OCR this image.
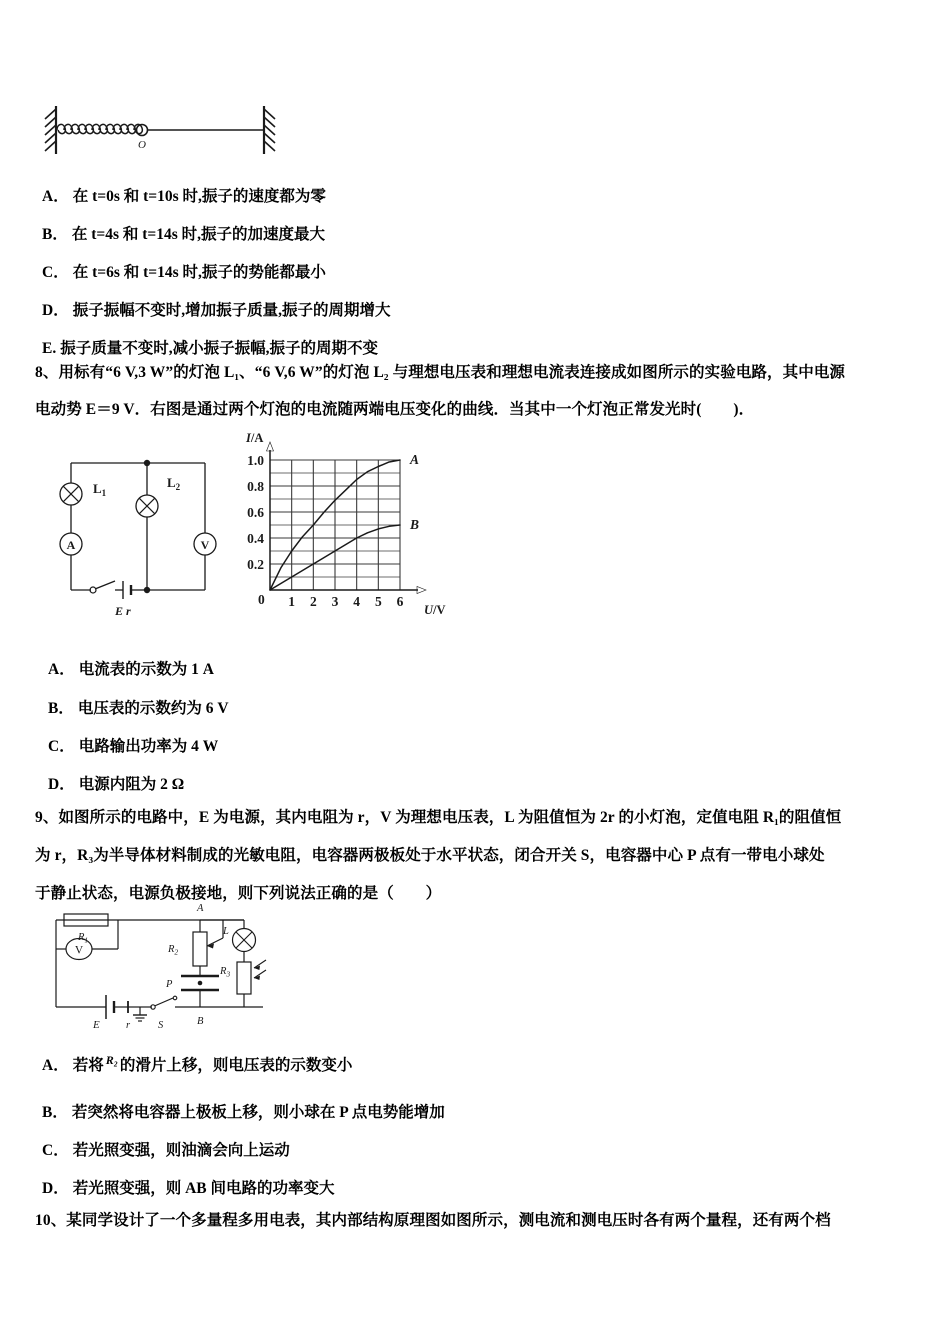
O
A． 在 t=0s 和 t=10s 时,振子的速度都为零
B． 在 t=4s 和 t=14s 时,振子的加速度最大
C． 在 t=6s 和 t=14s 时,振子的势能都最小
D． 振子振幅不变时,增加振子质量,振子的周期增大
E. 振子质量不变时,减小振子振幅,振子的周期不变
8、用标有“6 V,3 W”的灯泡 L₁、“6 V,6 W”的灯泡 L₂ 与理想电压表和理想电流表连接成如图所示的实验电路，其中电源
电动势 E＝9 V．右图是通过两个灯泡的电流随两端电压变化的曲线．当其中一个灯泡正常发光时(        )．
$L_1$
A
$L_2$
V
E r
I/A
U/V
0.2
0.4
0.6
0.8
1.0
1 2 3 4 5 6
A
B
0
A． 电流表的示数为 1 A
B． 电压表的示数约为 6 V
C． 电路输出功率为 4 W
D． 电源内阻为 2 Ω
9、如图所示的电路中，E 为电源，其内电阻为 r，V 为理想电压表，L 为阻值恒为 2r 的小灯泡，定值电阻 R₁的阻值恒
为 r，R₃为半导体材料制成的光敏电阻，电容器两极板处于水平状态，闭合开关 S，电容器中心 P 点有一带电小球处
于静止状态，电源负极接地，则下列说法正确的是（        ）
$R_1$
V
E	r	S
A
B
$R_2$
P
L
$R_3$
A． 若将 $^{R_2}$ 的滑片上移，则电压表的示数变小
B． 若突然将电容器上极板上移，则小球在 P 点电势能增加
C． 若光照变强，则油滴会向上运动
D． 若光照变强，则 AB 间电路的功率变大
10、某同学设计了一个多量程多用电表，其内部结构原理图如图所示，测电流和测电压时各有两个量程，还有两个档
